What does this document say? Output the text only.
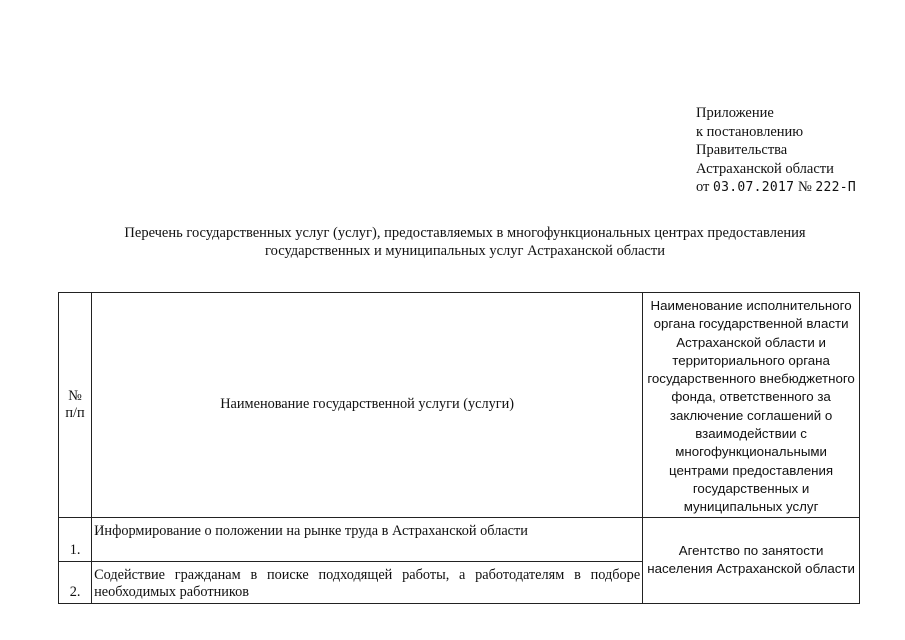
Приложение
к постановлению
Правительства
Астраханской области
от 03.07.2017 № 222-П
Перечень государственных услуг (услуг), предоставляемых в многофункциональных центрах предоставления государственных и муниципальных услуг Астраханской области
№ п/п	Наименование государственной услуги (услуги)	Наименование исполнительного органа государственной власти Астраханской области и территориального органа государственного внебюджетного фонда, ответственного за заключение соглашений о взаимодействии с многофункциональными центрами предоставления государственных и муниципальных услуг
1.	Информирование о положении на рынке труда в Астраханской области	Агентство по занятости населения Астраханской области
2.	Содействие гражданам в поиске подходящей работы, а работодателям в подборе необходимых работников	
